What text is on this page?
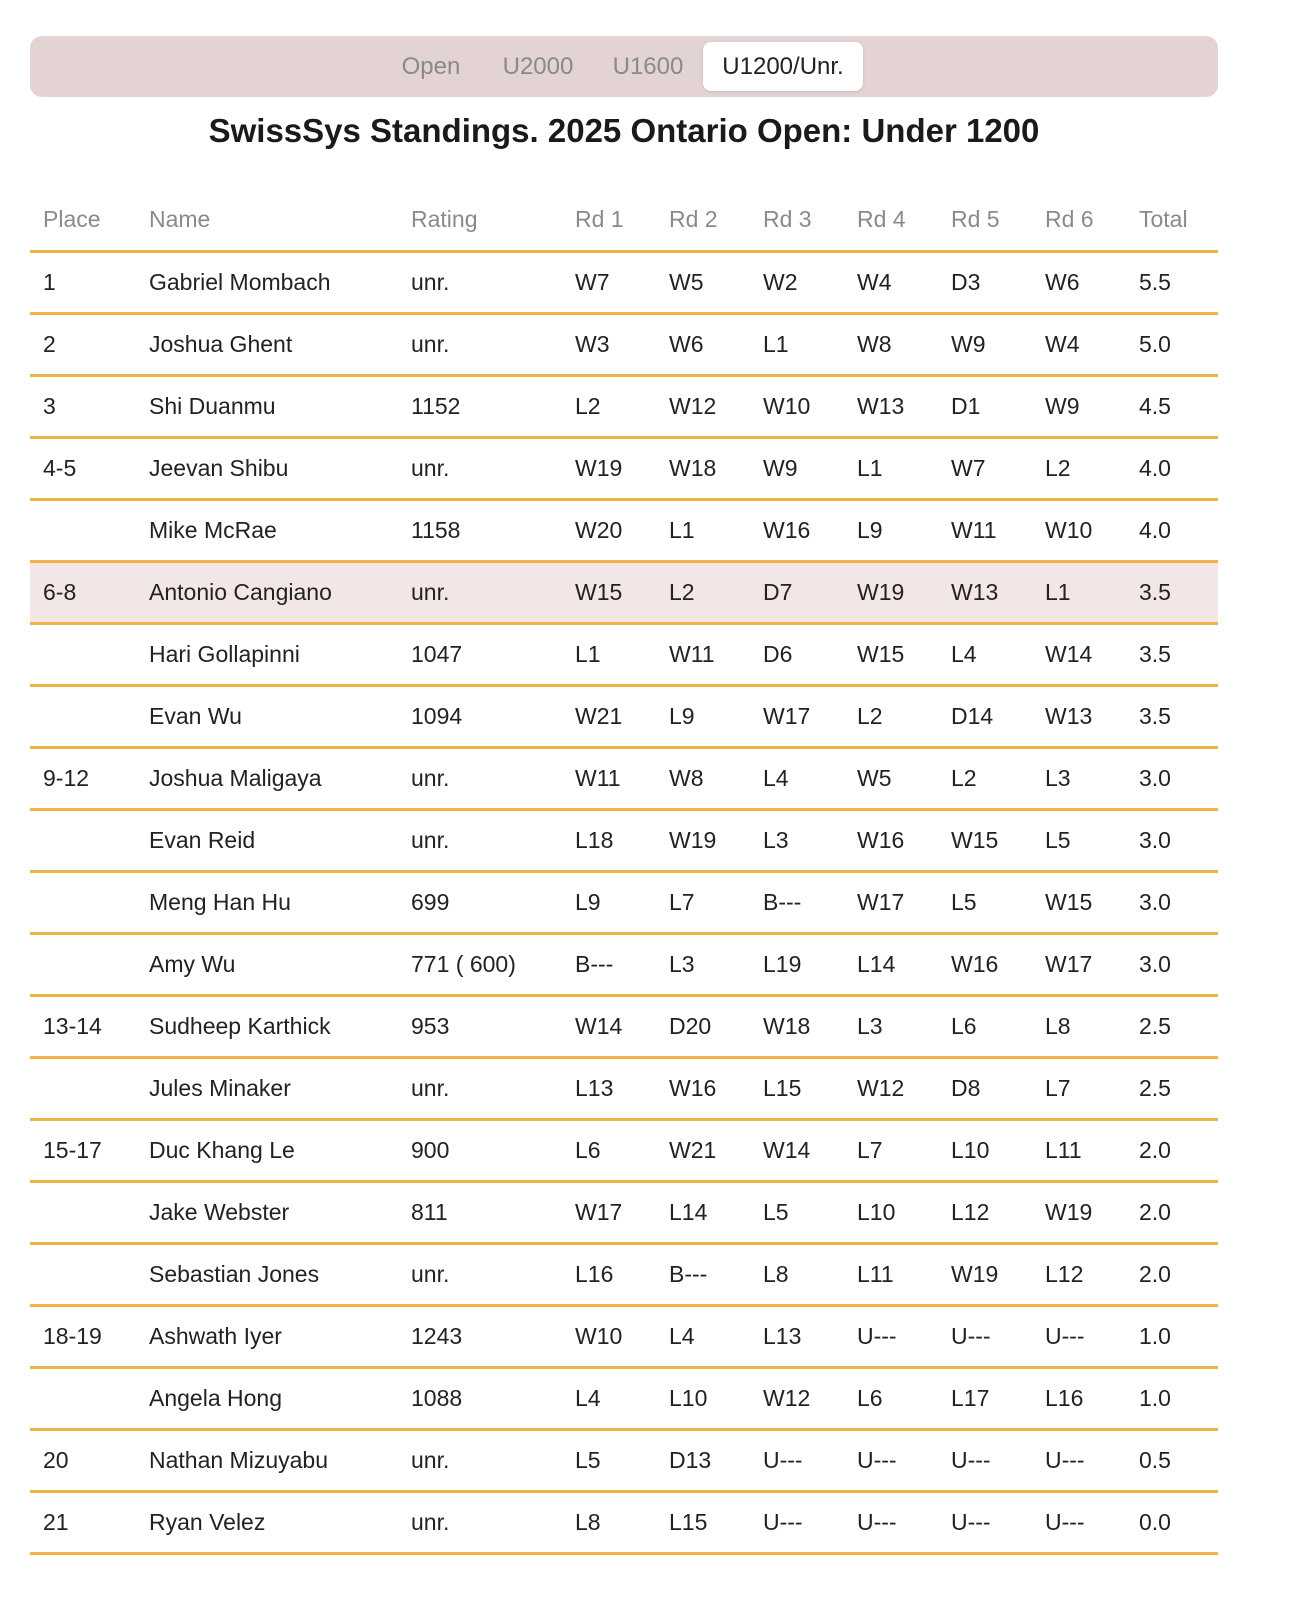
Open	U2000	U1600	U1200/Unr.
SwissSys Standings. 2025 Ontario Open: Under 1200
Place	Name	Rating	Rd 1	Rd 2	Rd 3	Rd 4	Rd 5	Rd 6	Total
1	Gabriel Mombach	unr.	W7	W5	W2	W4	D3	W6	5.5
2	Joshua Ghent	unr.	W3	W6	L1	W8	W9	W4	5.0
3	Shi Duanmu	1152	L2	W12	W10	W13	D1	W9	4.5
4-5	Jeevan Shibu	unr.	W19	W18	W9	L1	W7	L2	4.0
	Mike McRae	1158	W20	L1	W16	L9	W11	W10	4.0
6-8	Antonio Cangiano	unr.	W15	L2	D7	W19	W13	L1	3.5
	Hari Gollapinni	1047	L1	W11	D6	W15	L4	W14	3.5
	Evan Wu	1094	W21	L9	W17	L2	D14	W13	3.5
9-12	Joshua Maligaya	unr.	W11	W8	L4	W5	L2	L3	3.0
	Evan Reid	unr.	L18	W19	L3	W16	W15	L5	3.0
	Meng Han Hu	699	L9	L7	B---	W17	L5	W15	3.0
	Amy Wu	771 ( 600)	B---	L3	L19	L14	W16	W17	3.0
13-14	Sudheep Karthick	953	W14	D20	W18	L3	L6	L8	2.5
	Jules Minaker	unr.	L13	W16	L15	W12	D8	L7	2.5
15-17	Duc Khang Le	900	L6	W21	W14	L7	L10	L11	2.0
	Jake Webster	811	W17	L14	L5	L10	L12	W19	2.0
	Sebastian Jones	unr.	L16	B---	L8	L11	W19	L12	2.0
18-19	Ashwath Iyer	1243	W10	L4	L13	U---	U---	U---	1.0
	Angela Hong	1088	L4	L10	W12	L6	L17	L16	1.0
20	Nathan Mizuyabu	unr.	L5	D13	U---	U---	U---	U---	0.5
21	Ryan Velez	unr.	L8	L15	U---	U---	U---	U---	0.0
